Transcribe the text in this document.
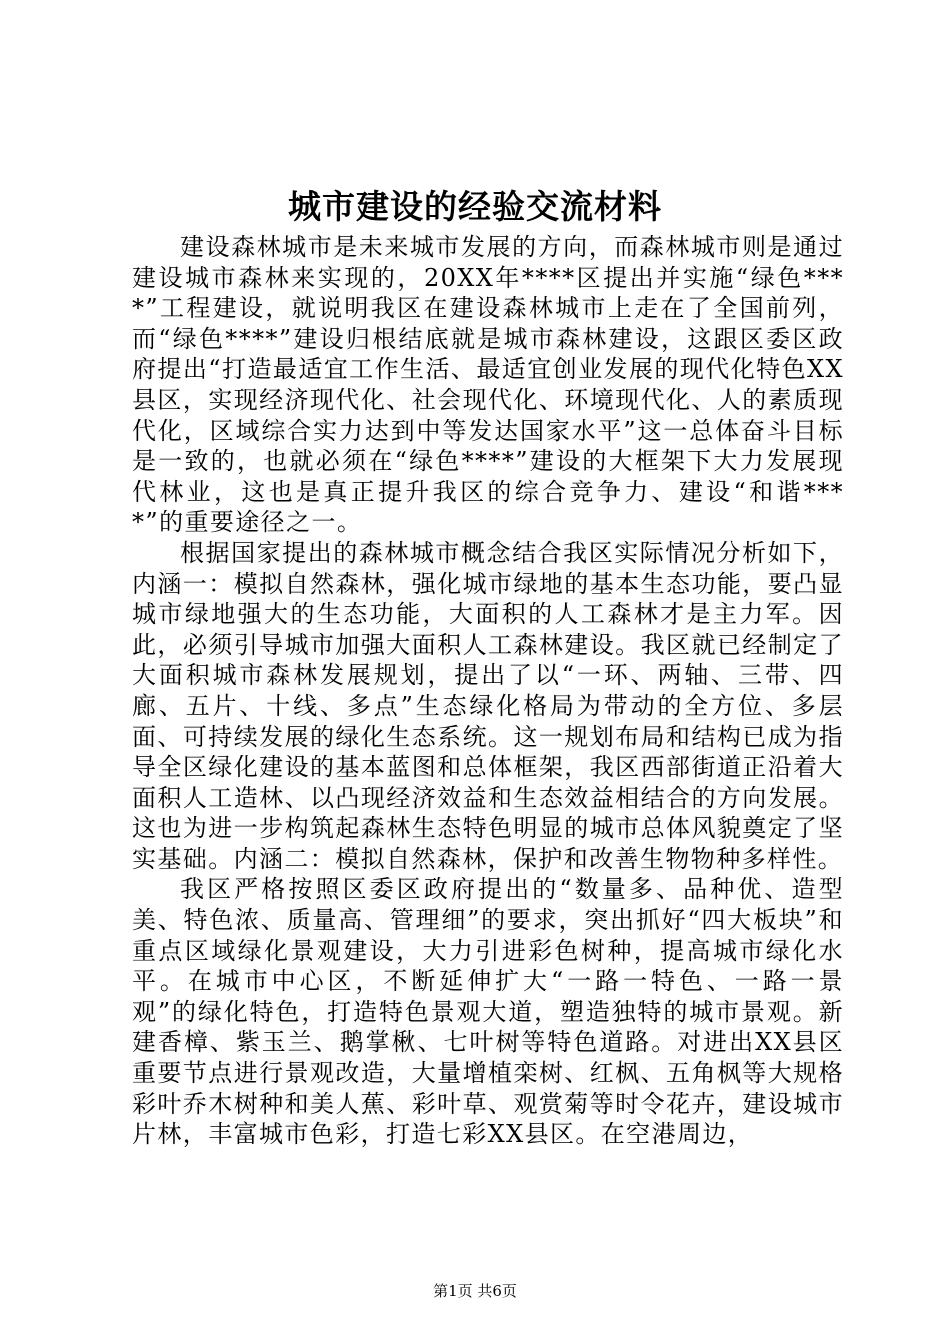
城市建设的经验交流材料

建设森林城市是未来城市发展的方向，而森林城市则是通过建设城市森林来实现的，20XX年****区提出并实施“绿色****”工程建设，就说明我区在建设森林城市上走在了全国前列，而“绿色****”建设归根结底就是城市森林建设，这跟区委区政府提出“打造最适宜工作生活、最适宜创业发展的现代化特色XX县区，实现经济现代化、社会现代化、环境现代化、人的素质现代化，区域综合实力达到中等发达国家水平”这一总体奋斗目标是一致的，也就必须在“绿色****”建设的大框架下大力发展现代林业，这也是真正提升我区的综合竞争力、建设“和谐****”的重要途径之一。

根据国家提出的森林城市概念结合我区实际情况分析如下，内涵一：模拟自然森林，强化城市绿地的基本生态功能，要凸显城市绿地强大的生态功能，大面积的人工森林才是主力军。因此，必须引导城市加强大面积人工森林建设。我区就已经制定了大面积城市森林发展规划，提出了以“一环、两轴、三带、四廊、五片、十线、多点”生态绿化格局为带动的全方位、多层面、可持续发展的绿化生态系统。这一规划布局和结构已成为指导全区绿化建设的基本蓝图和总体框架，我区西部街道正沿着大面积人工造林、以凸现经济效益和生态效益相结合的方向发展。这也为进一步构筑起森林生态特色明显的城市总体风貌奠定了坚实基础。内涵二：模拟自然森林，保护和改善生物物种多样性。

我区严格按照区委区政府提出的“数量多、品种优、造型美、特色浓、质量高、管理细”的要求，突出抓好“四大板块”和重点区域绿化景观建设，大力引进彩色树种，提高城市绿化水平。在城市中心区，不断延伸扩大“一路一特色、一路一景观”的绿化特色，打造特色景观大道，塑造独特的城市景观。新建香樟、紫玉兰、鹅掌楸、七叶树等特色道路。对进出XX县区重要节点进行景观改造，大量增植栾树、红枫、五角枫等大规格彩叶乔木树种和美人蕉、彩叶草、观赏菊等时令花卉，建设城市片林，丰富城市色彩，打造七彩XX县区。在空港周边，

第1页 共6页
